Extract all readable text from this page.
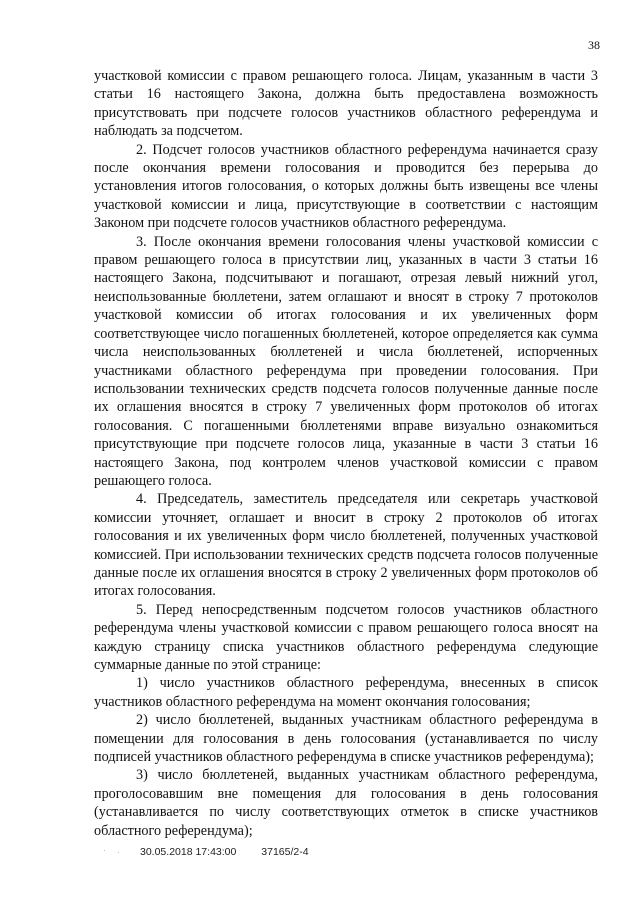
38

участковой комиссии с правом решающего голоса. Лицам, указанным в части 3 статьи 16 настоящего Закона, должна быть предоставлена возможность присутствовать при подсчете голосов участников областного референдума и наблюдать за подсчетом.

2. Подсчет голосов участников областного референдума начинается сразу после окончания времени голосования и проводится без перерыва до установления итогов голосования, о которых должны быть извещены все члены участковой комиссии и лица, присутствующие в соответствии с настоящим Законом при подсчете голосов участников областного референдума.

3. После окончания времени голосования члены участковой комиссии с правом решающего голоса в присутствии лиц, указанных в части 3 статьи 16 настоящего Закона, подсчитывают и погашают, отрезая левый нижний угол, неиспользованные бюллетени, затем оглашают и вносят в строку 7 протоколов участковой комиссии об итогах голосования и их увеличенных форм соответствующее число погашенных бюллетеней, которое определяется как сумма числа неиспользованных бюллетеней и числа бюллетеней, испорченных участниками областного референдума при проведении голосования. При использовании технических средств подсчета голосов полученные данные после их оглашения вносятся в строку 7 увеличенных форм протоколов об итогах голосования. С погашенными бюллетенями вправе визуально ознакомиться присутствующие при подсчете голосов лица, указанные в части 3 статьи 16 настоящего Закона, под контролем членов участковой комиссии с правом решающего голоса.

4. Председатель, заместитель председателя или секретарь участковой комиссии уточняет, оглашает и вносит в строку 2 протоколов об итогах голосования и их увеличенных форм число бюллетеней, полученных участковой комиссией. При использовании технических средств подсчета голосов полученные данные после их оглашения вносятся в строку 2 увеличенных форм протоколов об итогах голосования.

5. Перед непосредственным подсчетом голосов участников областного референдума члены участковой комиссии с правом решающего голоса вносят на каждую страницу списка участников областного референдума следующие суммарные данные по этой странице:

1) число участников областного референдума, внесенных в список участников областного референдума на момент окончания голосования;

2) число бюллетеней, выданных участникам областного референдума в помещении для голосования в день голосования (устанавливается по числу подписей участников областного референдума в списке участников референдума);

3) число бюллетеней, выданных участникам областного референдума, проголосовавшим вне помещения для голосования в день голосования (устанавливается по числу соответствующих отметок в списке участников областного референдума);

30.05.2018 17:43:00 37165/2-4
